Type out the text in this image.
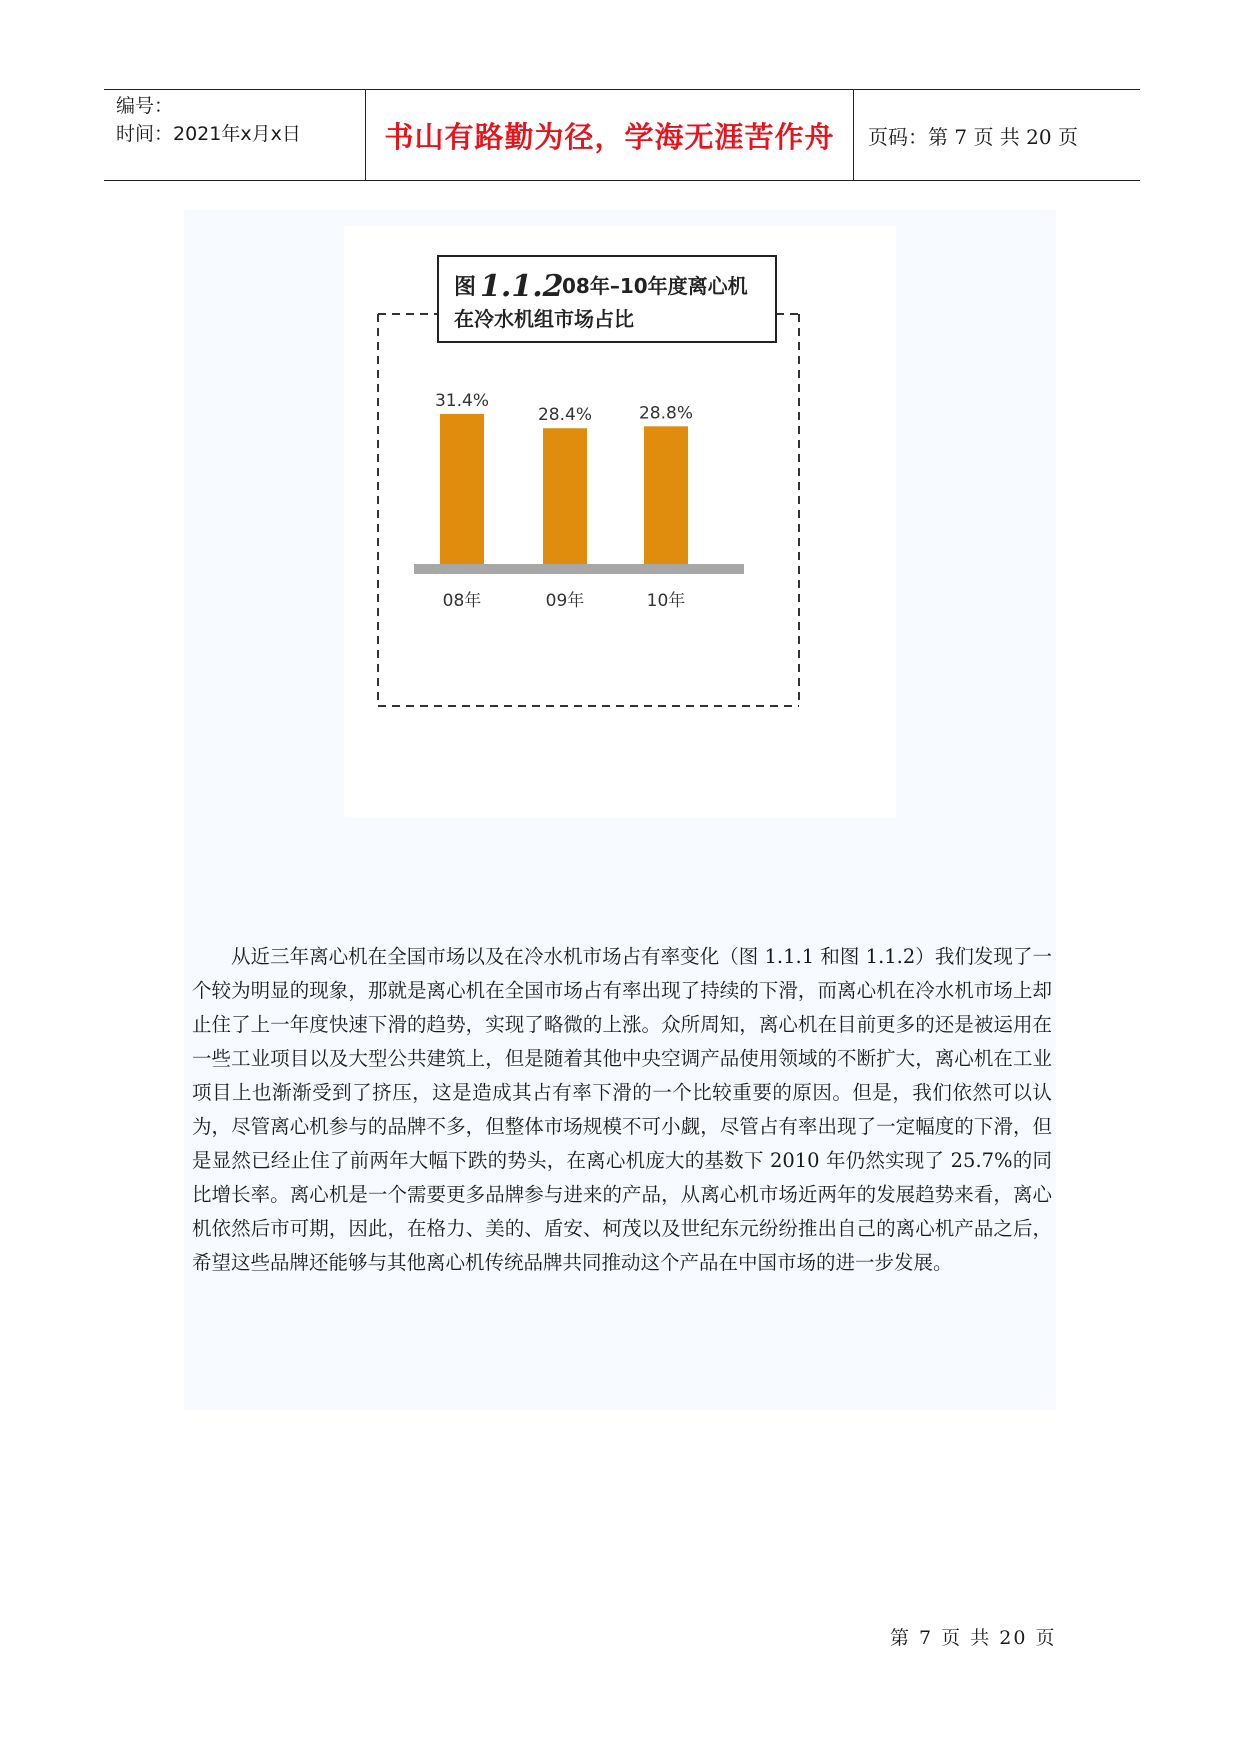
编号：
时间：2021年x月x日	书山有路勤为径，学海无涯苦作舟	页码：第 7 页 共 20 页
图 1.1.2
08年–10年度离心机
在冷水机组市场占比
31.4%
08年
28.4%
09年
28.8%
10年

从近三年离心机在全国市场以及在冷水机市场占有率变化（图 1.1.1 和图 1.1.2）我们发现了一个较为明显的现象，那就是离心机在全国市场占有率出现了持续的下滑，而离心机在冷水机市场上却止住了上一年度快速下滑的趋势，实现了略微的上涨。众所周知，离心机在目前更多的还是被运用在一些工业项目以及大型公共建筑上，但是随着其他中央空调产品使用领域的不断扩大，离心机在工业项目上也渐渐受到了挤压，这是造成其占有率下滑的一个比较重要的原因。但是，我们依然可以认为，尽管离心机参与的品牌不多，但整体市场规模不可小觑，尽管占有率出现了一定幅度的下滑，但是显然已经止住了前两年大幅下跌的势头，在离心机庞大的基数下 2010 年仍然实现了 25.7%的同比增长率。离心机是一个需要更多品牌参与进来的产品，从离心机市场近两年的发展趋势来看，离心机依然后市可期，因此，在格力、美的、盾安、柯茂以及世纪东元纷纷推出自己的离心机产品之后，希望这些品牌还能够与其他离心机传统品牌共同推动这个产品在中国市场的进一步发展。

第 7 页 共 20 页
